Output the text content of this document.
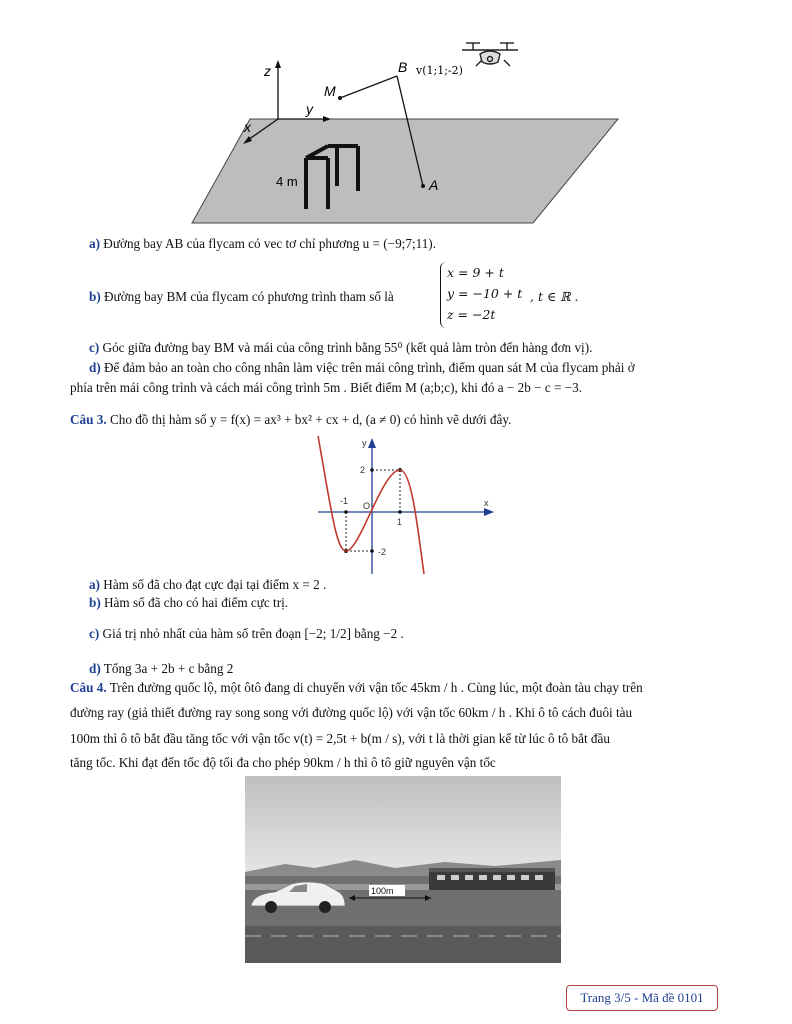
z
y
x
M
B
A
v(1;1;-2)
4 m
a) Đường bay AB của flycam có vec tơ chỉ phương u = (−9;7;11).
b) Đường bay BM của flycam có phương trình tham số là
x = 9 + t
y = −10 + t
z = −2t
, t ∈ ℝ .
c) Góc giữa đường bay BM và mái của công trình bằng 55⁰ (kết quả làm tròn đến hàng đơn vị).
d) Để đảm bảo an toàn cho công nhân làm việc trên mái công trình, điểm quan sát M của flycam phải ở
phía trên mái công trình và cách mái công trình 5m . Biết điểm M (a;b;c), khi đó a − 2b − c = −3.
Câu 3. Cho đồ thị hàm số y = f(x) = ax³ + bx² + cx + d, (a ≠ 0) có hình vẽ dưới đây.
y
x
O
-1
1
2
-2
a) Hàm số đã cho đạt cực đại tại điểm x = 2 .
b) Hàm số đã cho có hai điểm cực trị.
c) Giá trị nhỏ nhất của hàm số trên đoạn [−2; 1/2] bằng −2 .
d) Tổng 3a + 2b + c bằng 2
Câu 4. Trên đường quốc lộ, một ôtô đang di chuyển với vận tốc 45km / h . Cùng lúc, một đoàn tàu chạy trên
đường ray (giả thiết đường ray song song với đường quốc lộ) với vận tốc 60km / h . Khi ô tô cách đuôi tàu
100m thì ô tô bắt đầu tăng tốc với vận tốc v(t) = 2,5t + b(m / s), với t là thời gian kể từ lúc ô tô bắt đầu
tăng tốc. Khi đạt đến tốc độ tối đa cho phép 90km / h thì ô tô giữ nguyên vận tốc
100m
Trang 3/5 - Mã đề 0101
